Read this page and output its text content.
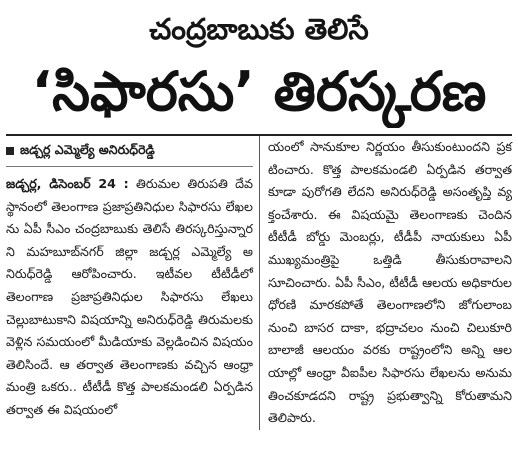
చంద్రబాబుకు తెలిసే
‘సిఫారసు’ తిరస్కరణ
జడ్చర్ల ఎమ్మెల్యే అనిరుధ్‌రెడ్డి

జడ్చర్ల, డిసెంబర్‌ 24 : తిరుమల తిరుపతి దేవస్థానంలో తెలంగాణ ప్రజాప్రతినిధుల సిఫారసు లేఖలను ఏపీ సీఎం చంద్రబాబుకు తెలిసే తిరస్కరిస్తున్నారని మహబూబ్‌నగర్‌ జిల్లా జడ్చర్ల ఎమ్మెల్యే అనిరుధ్‌రెడ్డి ఆరోపించారు. ఇటీవల టీటీడీలో తెలంగాణ ప్రజాప్రతినిధుల సిఫారసు లేఖలు చెల్లుబాటుకాని విషయాన్ని అనిరుధ్‌రెడ్డి తిరుమలకు వెళ్లిన సమయంలో మీడియాకు వెల్లడించిన విషయం తెలిసిందే. ఆ తర్వాత తెలంగాణకు వచ్చిన ఆంధ్రా మంత్రి ఒకరు.. టీటీడీ కొత్త పాలకమండలి ఏర్పడిన తర్వాత ఈ విషయంలో

యంలో సానుకూల నిర్ణయం తీసుకుంటుందని ప్రకటించారు. కొత్త పాలకమండలి ఏర్పడిన తర్వాత కూడా పురోగతి లేదని అనిరుధ్‌రెడ్డి అసంతృప్తి వ్యక్తంచేశారు. ఈ విషయమై తెలంగాణకు చెందిన టీటీడీ బోర్డు మెంబర్లు, టీడీపీ నాయకులు ఏపీ ముఖ్యమంత్రిపై ఒత్తిడి తీసుకురావాలని సూచించారు. ఏపీ సీఎం, టీటీడీ ఆలయ అధికారుల ధోరణి మారకపోతే తెలంగాణలోని జోగులాంబ నుంచి బాసర దాకా, భద్రాచలం నుంచి చిలుకూరి బాలాజీ ఆలయం వరకు రాష్ట్రంలోని అన్ని ఆలయాల్లో ఆంధ్రా వీఐపీల సిఫారసు లేఖలను అనుమతించకూడదని రాష్ట్ర ప్రభుత్వాన్ని కోరుతామని తెలిపారు.
